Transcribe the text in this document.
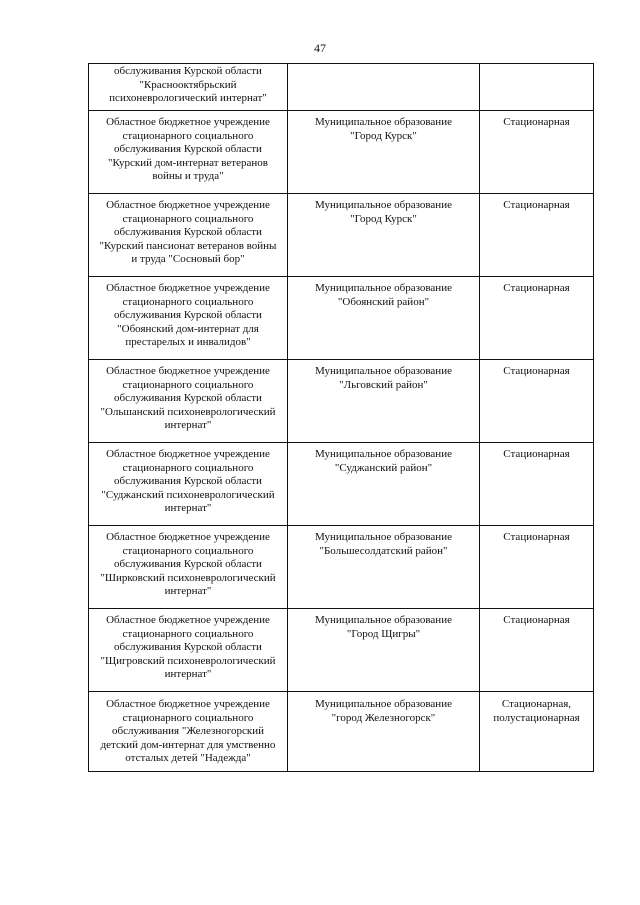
47
обслуживания Курской области
"Краснооктябрьский
психоневрологический интернат"		

Областное бюджетное учреждение
стационарного социального
обслуживания Курской области
"Курский дом-интернат ветеранов
войны и труда"	Муниципальное образование
"Город Курск"	Стационарная

Областное бюджетное учреждение
стационарного социального
обслуживания Курской области
"Курский пансионат ветеранов войны
и труда "Сосновый бор"	Муниципальное образование
"Город Курск"	Стационарная

Областное бюджетное учреждение
стационарного социального
обслуживания Курской области
"Обоянский дом-интернат для
престарелых и инвалидов"	Муниципальное образование
"Обоянский район"	Стационарная

Областное бюджетное учреждение
стационарного социального
обслуживания Курской области
"Ольшанский психоневрологический
интернат"	Муниципальное образование
"Льговский район"	Стационарная

Областное бюджетное учреждение
стационарного социального
обслуживания Курской области
"Суджанский психоневрологический
интернат"	Муниципальное образование
"Суджанский район"	Стационарная

Областное бюджетное учреждение
стационарного социального
обслуживания Курской области
"Ширковский психоневрологический
интернат"	Муниципальное образование
"Большесолдатский район"	Стационарная

Областное бюджетное учреждение
стационарного социального
обслуживания Курской области
"Щигровский психоневрологический
интернат"	Муниципальное образование
"Город Щигры"	Стационарная

Областное бюджетное учреждение
стационарного социального
обслуживания "Железногорский
детский дом-интернат для умственно
отсталых детей "Надежда"	Муниципальное образование
"город Железногорск"	Стационарная,
полустационарная
